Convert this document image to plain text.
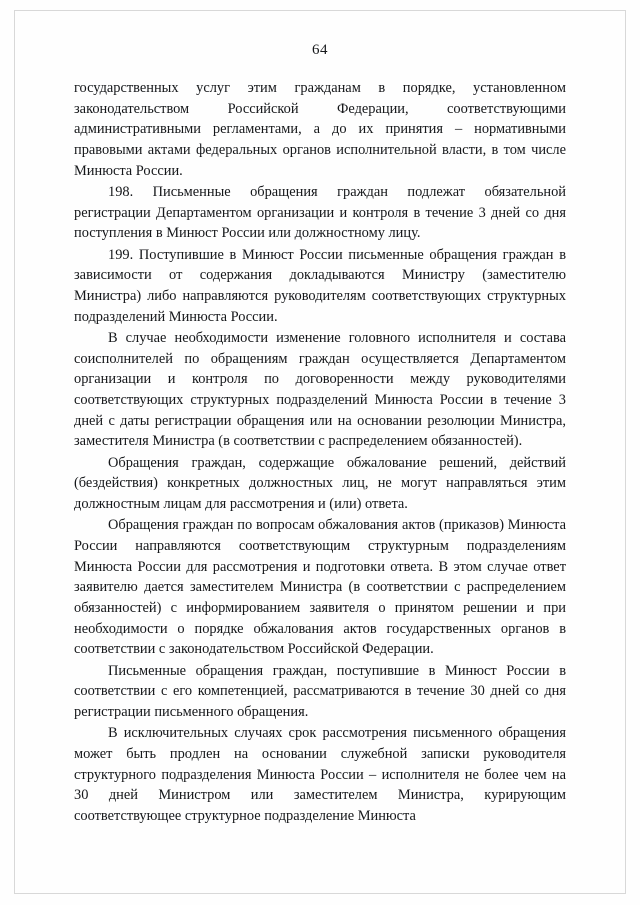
64

государственных услуг этим гражданам в порядке, установленном законодательством Российской Федерации, соответствующими административными регламентами, а до их принятия – нормативными правовыми актами федеральных органов исполнительной власти, в том числе Минюста России.

198. Письменные обращения граждан подлежат обязательной регистрации Департаментом организации и контроля в течение 3 дней со дня поступления в Минюст России или должностному лицу.

199. Поступившие в Минюст России письменные обращения граждан в зависимости от содержания докладываются Министру (заместителю Министра) либо направляются руководителям соответствующих структурных подразделений Минюста России.

В случае необходимости изменение головного исполнителя и состава соисполнителей по обращениям граждан осуществляется Департаментом организации и контроля по договоренности между руководителями соответствующих структурных подразделений Минюста России в течение 3 дней с даты регистрации обращения или на основании резолюции Министра, заместителя Министра (в соответствии с распределением обязанностей).

Обращения граждан, содержащие обжалование решений, действий (бездействия) конкретных должностных лиц, не могут направляться этим должностным лицам для рассмотрения и (или) ответа.

Обращения граждан по вопросам обжалования актов (приказов) Минюста России направляются соответствующим структурным подразделениям Минюста России для рассмотрения и подготовки ответа. В этом случае ответ заявителю дается заместителем Министра (в соответствии с распределением обязанностей) с информированием заявителя о принятом решении и при необходимости о порядке обжалования актов государственных органов в соответствии с законодательством Российской Федерации.

Письменные обращения граждан, поступившие в Минюст России в соответствии с его компетенцией, рассматриваются в течение 30 дней со дня регистрации письменного обращения.

В исключительных случаях срок рассмотрения письменного обращения может быть продлен на основании служебной записки руководителя структурного подразделения Минюста России – исполнителя не более чем на 30 дней Министром или заместителем Министра, курирующим соответствующее структурное подразделение Минюста
